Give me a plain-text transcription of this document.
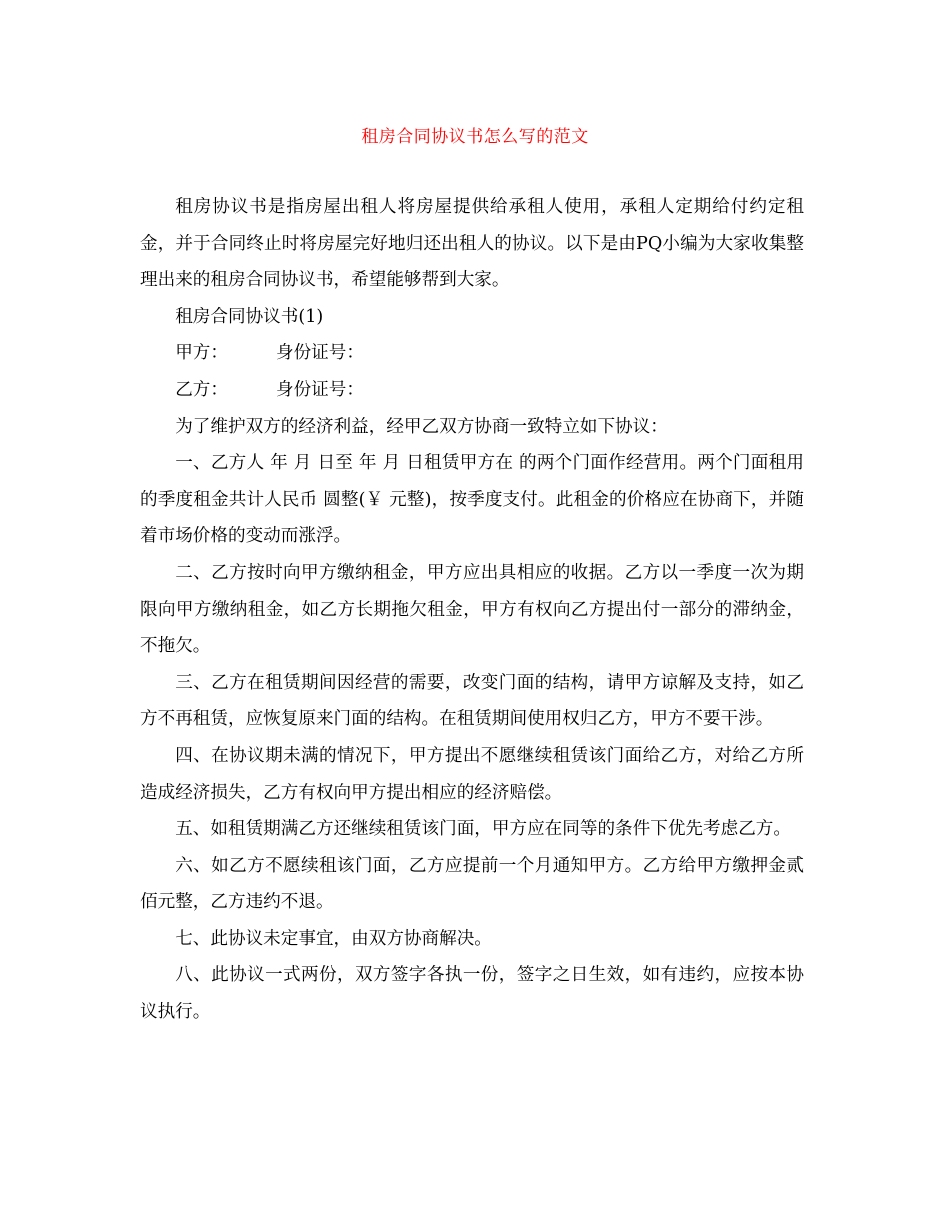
租房合同协议书怎么写的范文

租房协议书是指房屋出租人将房屋提供给承租人使用，承租人定期给付约定租金，并于合同终止时将房屋完好地归还出租人的协议。以下是由PQ小编为大家收集整理出来的租房合同协议书，希望能够帮到大家。

租房合同协议书(1)

甲方：	身份证号：

乙方：	身份证号：

为了维护双方的经济利益，经甲乙双方协商一致特立如下协议：

一、乙方人 年 月 日至 年 月 日租赁甲方在 的两个门面作经营用。两个门面租用的季度租金共计人民币 圆整(￥ 元整)，按季度支付。此租金的价格应在协商下，并随着市场价格的变动而涨浮。

二、乙方按时向甲方缴纳租金，甲方应出具相应的收据。乙方以一季度一次为期限向甲方缴纳租金，如乙方长期拖欠租金，甲方有权向乙方提出付一部分的滞纳金，不拖欠。

三、乙方在租赁期间因经营的需要，改变门面的结构，请甲方谅解及支持，如乙方不再租赁，应恢复原来门面的结构。在租赁期间使用权归乙方，甲方不要干涉。

四、在协议期未满的情况下，甲方提出不愿继续租赁该门面给乙方，对给乙方所造成经济损失，乙方有权向甲方提出相应的经济赔偿。

五、如租赁期满乙方还继续租赁该门面，甲方应在同等的条件下优先考虑乙方。

六、如乙方不愿续租该门面，乙方应提前一个月通知甲方。乙方给甲方缴押金贰佰元整，乙方违约不退。

七、此协议未定事宜，由双方协商解决。

八、此协议一式两份，双方签字各执一份，签字之日生效，如有违约，应按本协议执行。
